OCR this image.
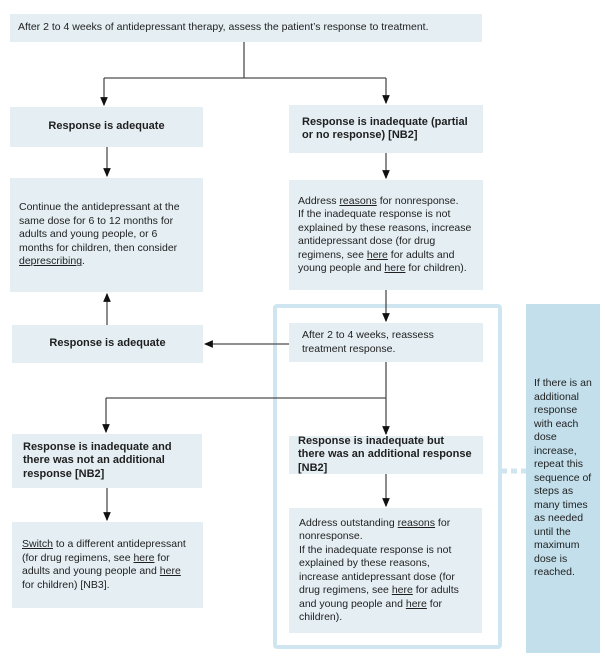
After 2 to 4 weeks of antidepressant therapy, assess the patient’s response to treatment.
Response is adequate	Response is inadequate (partial or no response) [NB2]
Continue the antidepressant at the same dose for 6 to 12 months for adults and young people, or 6 months for children, then consider deprescribing.
Address reasons for nonresponse.
If the inadequate response is not explained by these reasons, increase antidepressant dose (for drug regimens, see here for adults and young people and here for children).
After 2 to 4 weeks, reassess treatment response.
Response is adequate
Response is inadequate and there was not an additional response [NB2]
Switch to a different antidepressant (for drug regimens, see here for adults and young people and here for children) [NB3].
Response is inadequate but there was an additional response [NB2]
Address outstanding reasons for nonresponse.
If the inadequate response is not explained by these reasons, increase antidepressant dose (for drug regimens, see here for adults and young people and here for children).
If there is an additional response with each dose increase, repeat this sequence of steps as many times as needed until the maximum dose is reached.
